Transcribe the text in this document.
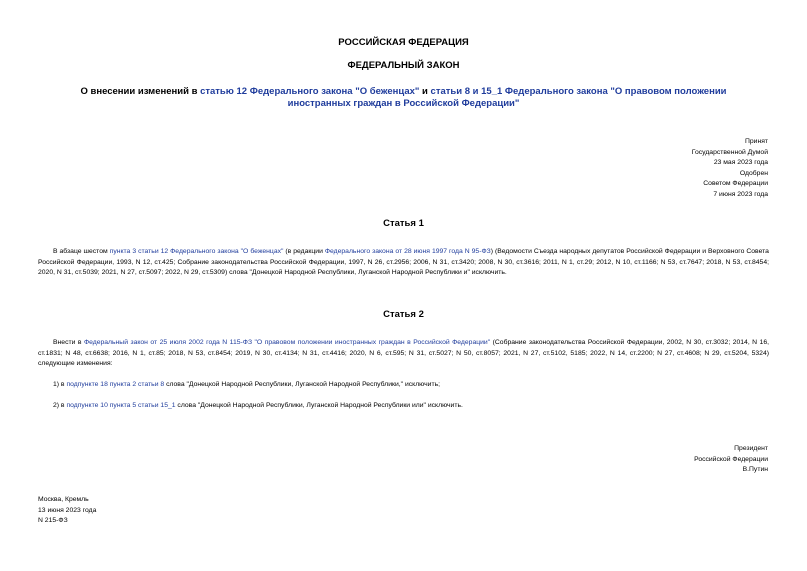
РОССИЙСКАЯ ФЕДЕРАЦИЯ
ФЕДЕРАЛЬНЫЙ ЗАКОН
О внесении изменений в статью 12 Федерального закона "О беженцах" и статьи 8 и 15_1 Федерального закона "О правовом положении иностранных граждан в Российской Федерации"
Принят
Государственной Думой
23 мая 2023 года
Одобрен
Советом Федерации
7 июня 2023 года
Статья 1

В абзаце шестом пункта 3 статьи 12 Федерального закона "О беженцах" (в редакции Федерального закона от 28 июня 1997 года N 95-ФЗ) (Ведомости Съезда народных депутатов Российской Федерации и Верховного Совета Российской Федерации, 1993, N 12, ст.425; Собрание законодательства Российской Федерации, 1997, N 26, ст.2956; 2006, N 31, ст.3420; 2008, N 30, ст.3616; 2011, N 1, ст.29; 2012, N 10, ст.1166; N 53, ст.7647; 2018, N 53, ст.8454; 2020, N 31, ст.5039; 2021, N 27, ст.5097; 2022, N 29, ст.5309) слова "Донецкой Народной Республики, Луганской Народной Республики и" исключить.

Статья 2

Внести в Федеральный закон от 25 июля 2002 года N 115-ФЗ "О правовом положении иностранных граждан в Российской Федерации" (Собрание законодательства Российской Федерации, 2002, N 30, ст.3032; 2014, N 16, ст.1831; N 48, ст.6638; 2016, N 1, ст.85; 2018, N 53, ст.8454; 2019, N 30, ст.4134; N 31, ст.4416; 2020, N 6, ст.595; N 31, ст.5027; N 50, ст.8057; 2021, N 27, ст.5102, 5185; 2022, N 14, ст.2200; N 27, ст.4608; N 29, ст.5204, 5324) следующие изменения:

1) в подпункте 18 пункта 2 статьи 8 слова "Донецкой Народной Республики, Луганской Народной Республики," исключить;

2) в подпункте 10 пункта 5 статьи 15_1 слова "Донецкой Народной Республики, Луганской Народной Республики или" исключить.

Президент
Российской Федерации
В.Путин
Москва, Кремль
13 июня 2023 года
N 215-ФЗ
